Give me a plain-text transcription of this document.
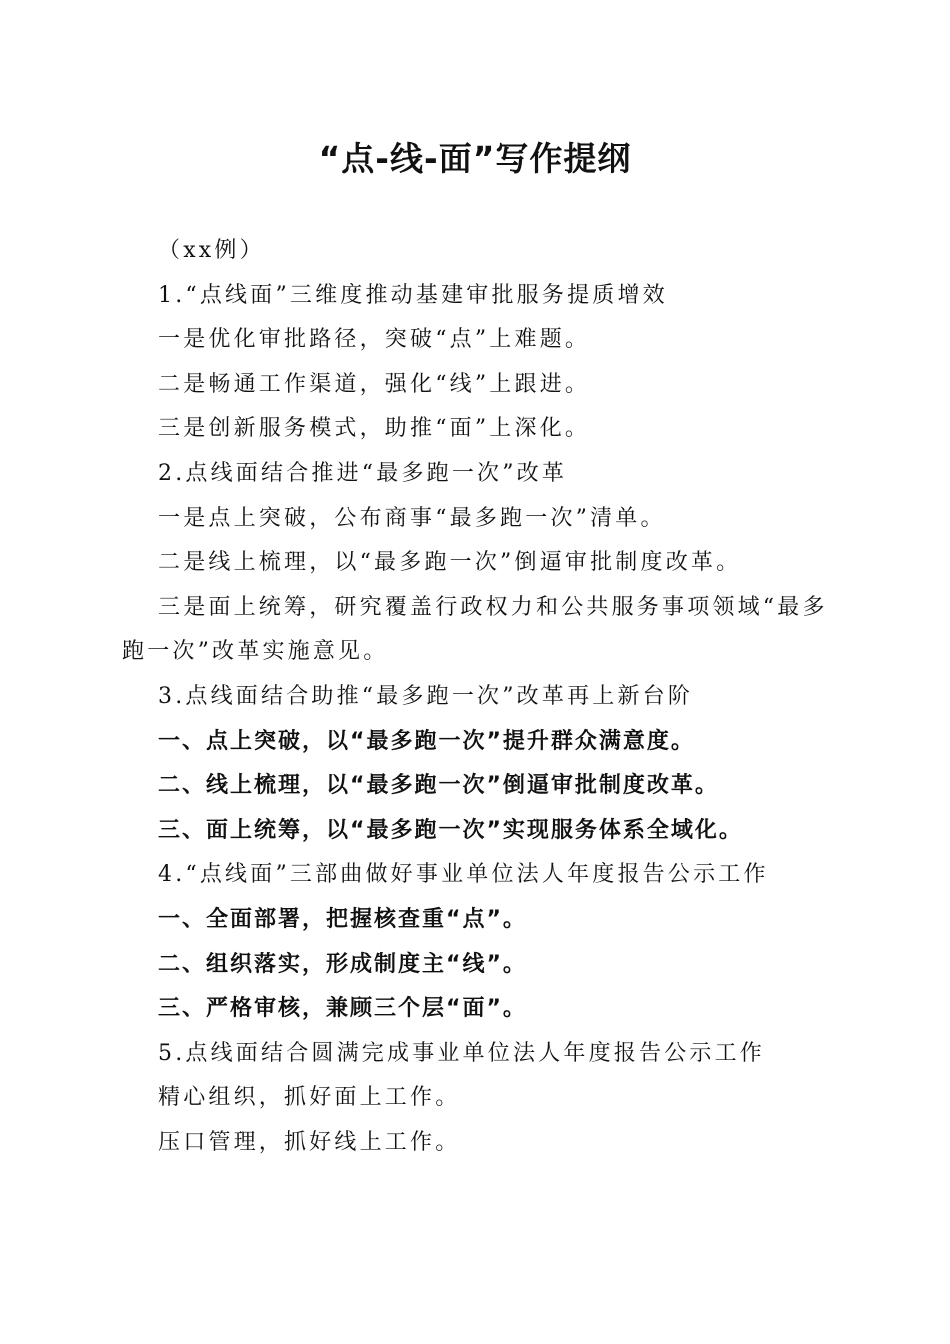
“点-线-面”写作提纲

（xx例）

1.“点线面”三维度推动基建审批服务提质增效

一是优化审批路径，突破“点”上难题。

二是畅通工作渠道，强化“线”上跟进。

三是创新服务模式，助推“面”上深化。

2.点线面结合推进“最多跑一次”改革

一是点上突破，公布商事“最多跑一次”清单。

二是线上梳理，以“最多跑一次”倒逼审批制度改革。

三是面上统筹，研究覆盖行政权力和公共服务事项领域“最多跑一次”改革实施意见。

3.点线面结合助推“最多跑一次”改革再上新台阶

一、点上突破，以“最多跑一次”提升群众满意度。

二、线上梳理，以“最多跑一次”倒逼审批制度改革。

三、面上统筹，以“最多跑一次”实现服务体系全域化。

4.“点线面”三部曲做好事业单位法人年度报告公示工作

一、全面部署，把握核查重“点”。

二、组织落实，形成制度主“线”。

三、严格审核，兼顾三个层“面”。

5.点线面结合圆满完成事业单位法人年度报告公示工作

精心组织，抓好面上工作。

压口管理，抓好线上工作。
